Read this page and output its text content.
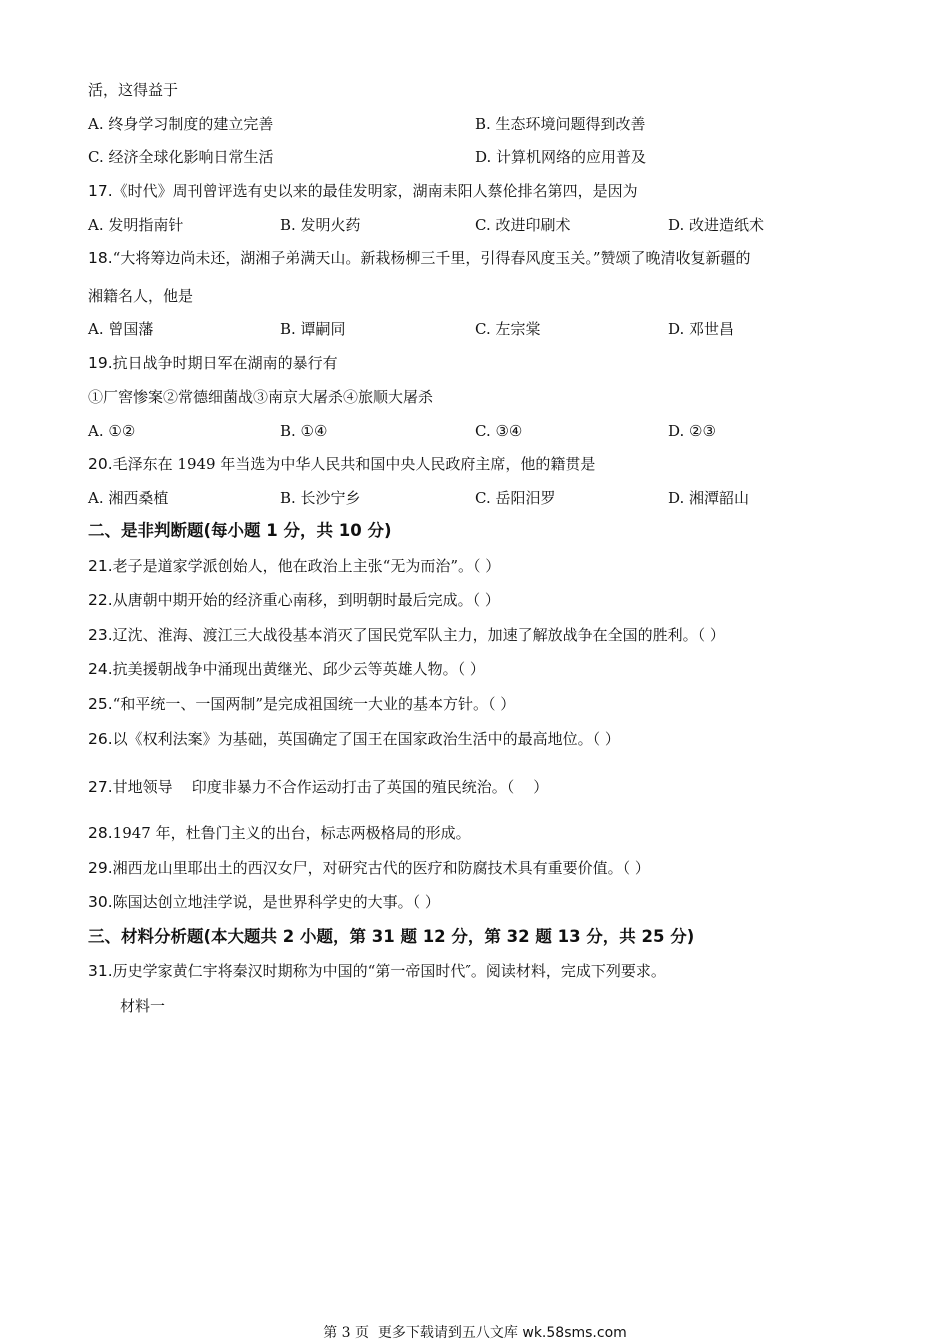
活，这得益于
A. 终身学习制度的建立完善	B. 生态环境问题得到改善
C. 经济全球化影响日常生活	D. 计算机网络的应用普及
17.《时代》周刊曾评选有史以来的最佳发明家，湖南耒阳人蔡伦排名第四，是因为
A. 发明指南针	B. 发明火药	C. 改进印刷术	D. 改进造纸术
18.“大将筹边尚未还，湖湘子弟满天山。新栽杨柳三千里，引得春风度玉关。”赞颂了晚清收复新疆的
湘籍名人，他是
A. 曾国藩	B. 谭嗣同	C. 左宗棠	D. 邓世昌
19.抗日战争时期日军在湖南的暴行有
①厂窖惨案②常德细菌战③南京大屠杀④旅顺大屠杀
A. ①②	B. ①④	C. ③④	D. ②③
20.毛泽东在 1949 年当选为中华人民共和国中央人民政府主席，他的籍贯是
A. 湘西桑植	B. 长沙宁乡	C. 岳阳汨罗	D. 湘潭韶山
二、是非判断题(每小题 1 分，共 10 分)
21.老子是道家学派创始人，他在政治上主张“无为而治”。（ ）
22.从唐朝中期开始的经济重心南移，到明朝时最后完成。（ ）
23.辽沈、淮海、渡江三大战役基本消灭了国民党军队主力，加速了解放战争在全国的胜利。（ ）
24.抗美援朝战争中涌现出黄继光、邱少云等英雄人物。（ ）
25.“和平统一、一国两制”是完成祖国统一大业的基本方针。（ ）
26.以《权利法案》为基础，英国确定了国王在国家政治生活中的最高地位。（ ）
27.甘地领导    印度非暴力不合作运动打击了英国的殖民统治。（    ）
28.1947 年，杜鲁门主义的出台，标志两极格局的形成。
29.湘西龙山里耶出土的西汉女尸，对研究古代的医疗和防腐技术具有重要价值。（ ）
30.陈国达创立地洼学说，是世界科学史的大事。（ ）
三、材料分析题(本大题共 2 小题，第 31 题 12 分，第 32 题 13 分，共 25 分)
31.历史学家黄仁宇将秦汉时期称为中国的“第一帝国时代″。阅读材料，完成下列要求。
材料一
第 3 页  更多下载请到五八文库 wk.58sms.com
